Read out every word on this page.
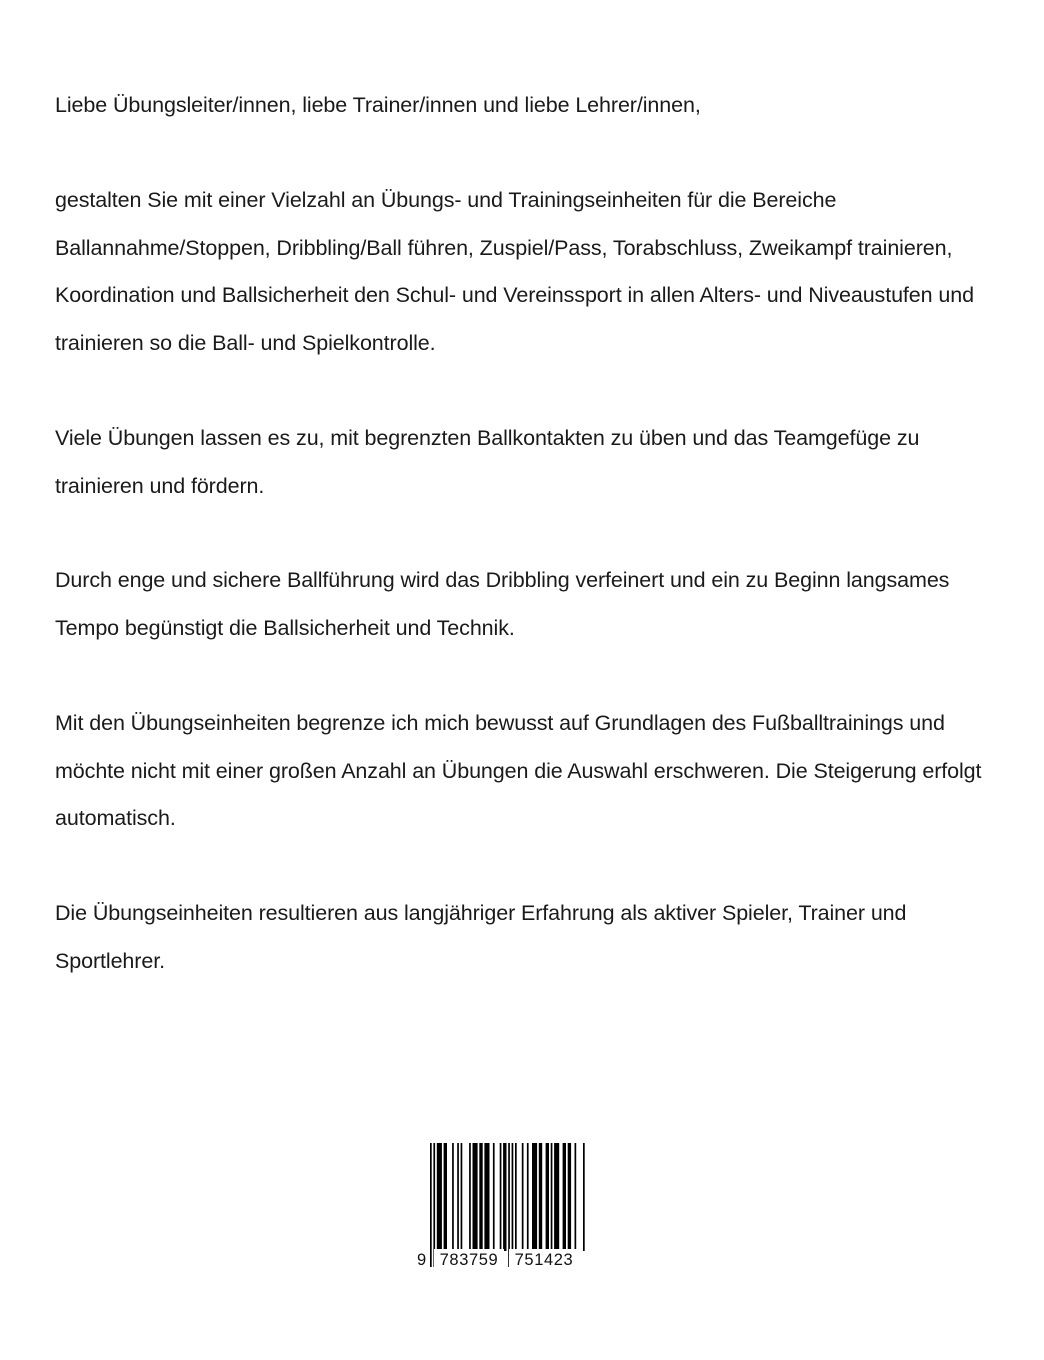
Liebe Übungsleiter/innen, liebe Trainer/innen und liebe Lehrer/innen,

gestalten Sie mit einer Vielzahl an Übungs- und Trainingseinheiten für die Bereiche Ballannahme/Stoppen, Dribbling/Ball führen, Zuspiel/Pass, Torabschluss, Zweikampf trainieren, Koordination und Ballsicherheit den Schul- und Vereinssport in allen Alters- und Niveaustufen und trainieren so die Ball- und Spielkontrolle.

Viele Übungen lassen es zu, mit begrenzten Ballkontakten zu üben und das Teamgefüge zu trainieren und fördern.

Durch enge und sichere Ballführung wird das Dribbling verfeinert und ein zu Beginn langsames Tempo begünstigt die Ballsicherheit und Technik.

Mit den Übungseinheiten begrenze ich mich bewusst auf Grundlagen des Fußballtrainings und möchte nicht mit einer großen Anzahl an Übungen die Auswahl erschweren. Die Steigerung erfolgt automatisch.

Die Übungseinheiten resultieren aus langjähriger Erfahrung als aktiver Spieler, Trainer und Sportlehrer.

9 783759 751423
